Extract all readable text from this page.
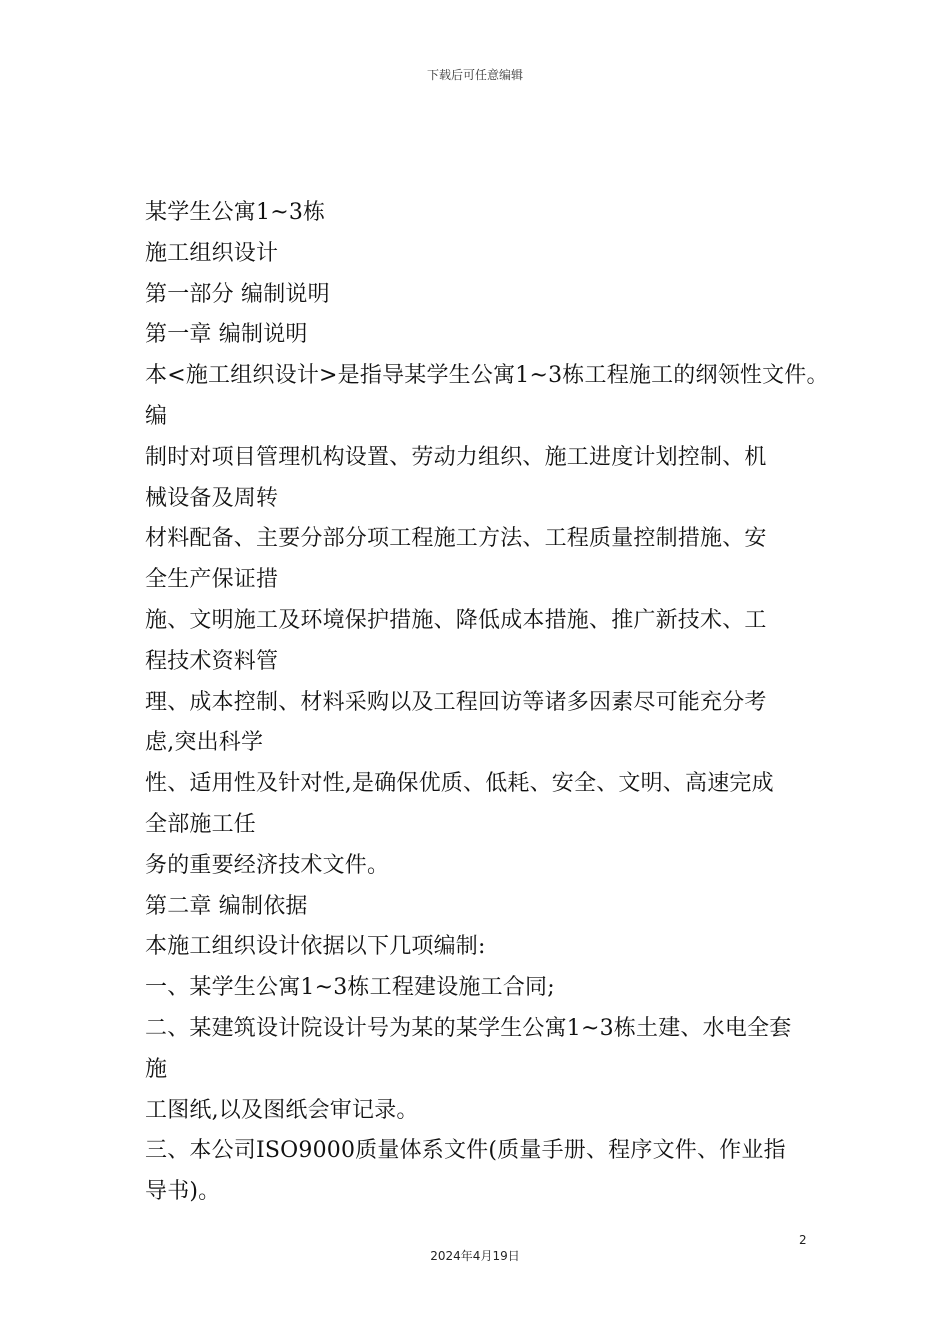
下载后可任意编辑
某学生公寓1~3栋
施工组织设计
第一部分 编制说明
第一章 编制说明
本<施工组织设计>是指导某学生公寓1~3栋工程施工的纲领性文件。
编
制时对项目管理机构设置、劳动力组织、施工进度计划控制、机
械设备及周转
材料配备、主要分部分项工程施工方法、工程质量控制措施、安
全生产保证措
施、文明施工及环境保护措施、降低成本措施、推广新技术、工
程技术资料管
理、成本控制、材料采购以及工程回访等诸多因素尽可能充分考
虑,突出科学
性、适用性及针对性,是确保优质、低耗、安全、文明、高速完成
全部施工任
务的重要经济技术文件。
第二章 编制依据
本施工组织设计依据以下几项编制:
一、某学生公寓1~3栋工程建设施工合同;
二、某建筑设计院设计号为某的某学生公寓1~3栋土建、水电全套
施
工图纸,以及图纸会审记录。
三、本公司ISO9000质量体系文件(质量手册、程序文件、作业指
导书)。
2
2024年4月19日
